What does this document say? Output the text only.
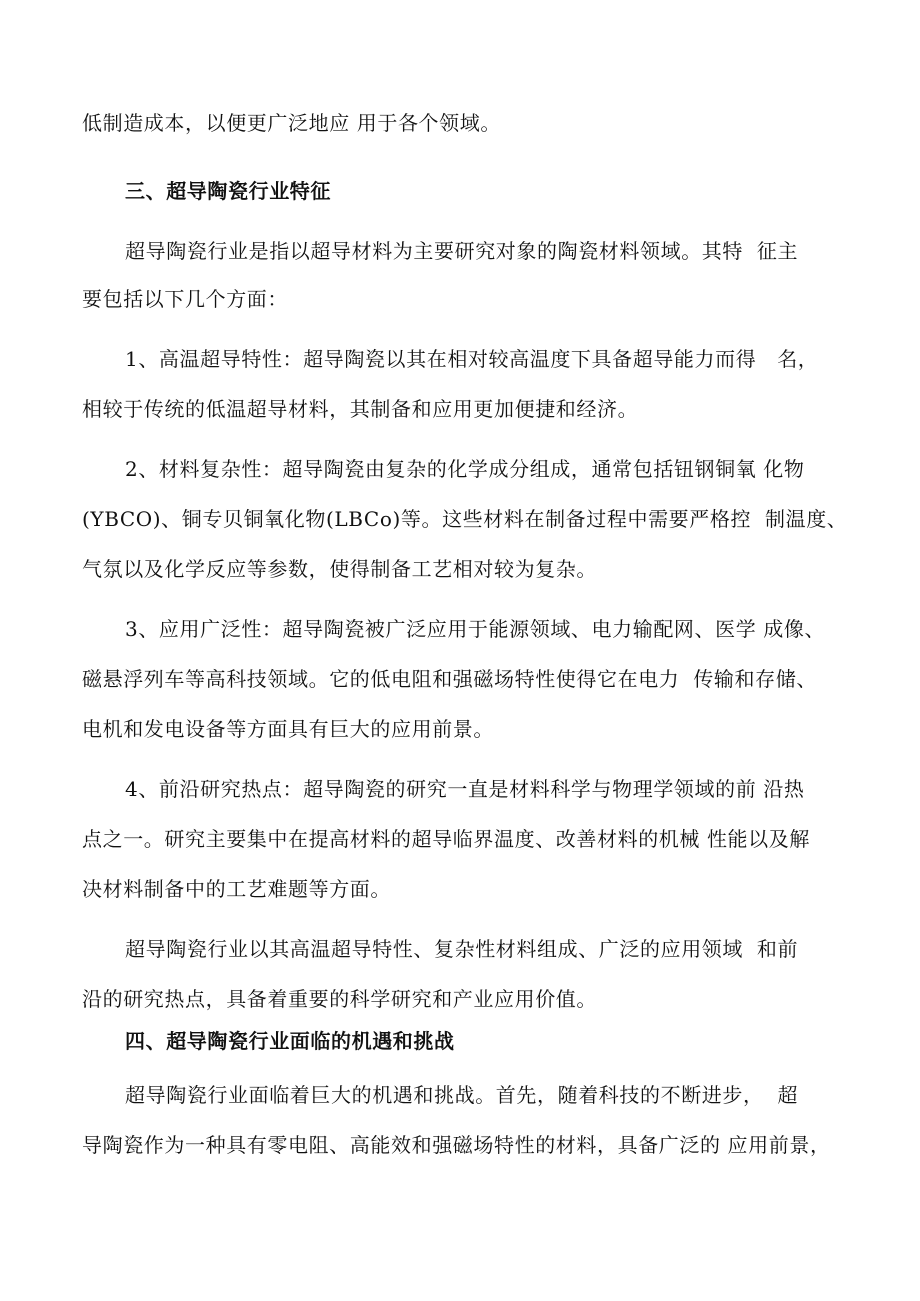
低制造成本，以便更广泛地应 用于各个领域。
三、超导陶瓷行业特征
超导陶瓷行业是指以超导材料为主要研究对象的陶瓷材料领域。其特  征主
要包括以下几个方面：
1、高温超导特性：超导陶瓷以其在相对较高温度下具备超导能力而得   名，
相较于传统的低温超导材料，其制备和应用更加便捷和经济。
2、材料复杂性：超导陶瓷由复杂的化学成分组成，通常包括钮钢铜氧 化物
(YBCO)、铜专贝铜氧化物(LBCo)等。这些材料在制备过程中需要严格控  制温度、
气氛以及化学反应等参数，使得制备工艺相对较为复杂。
3、应用广泛性：超导陶瓷被广泛应用于能源领域、电力输配网、医学 成像、
磁悬浮列车等高科技领域。它的低电阻和强磁场特性使得它在电力  传输和存储、
电机和发电设备等方面具有巨大的应用前景。
4、前沿研究热点：超导陶瓷的研究一直是材料科学与物理学领域的前 沿热
点之一。研究主要集中在提高材料的超导临界温度、改善材料的机械 性能以及解
决材料制备中的工艺难题等方面。
超导陶瓷行业以其高温超导特性、复杂性材料组成、广泛的应用领域  和前
沿的研究热点，具备着重要的科学研究和产业应用价值。
四、超导陶瓷行业面临的机遇和挑战
超导陶瓷行业面临着巨大的机遇和挑战。首先，随着科技的不断进步，  超
导陶瓷作为一种具有零电阻、高能效和强磁场特性的材料，具备广泛的 应用前景，
